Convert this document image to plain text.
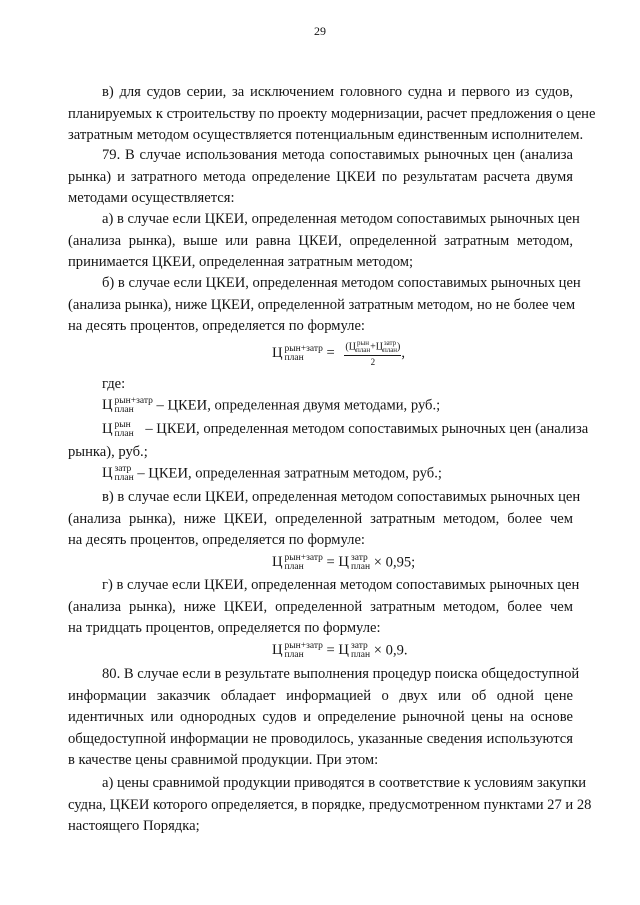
29
в) для судов серии, за исключением головного судна и первого из судов,
планируемых к строительству по проекту модернизации, расчет предложения о цене
затратным методом осуществляется потенциальным единственным исполнителем.
79. В случае использования метода сопоставимых рыночных цен (анализа
рынка) и затратного метода определение ЦКЕИ по результатам расчета двумя
методами осуществляется:
а) в случае если ЦКЕИ, определенная методом сопоставимых рыночных цен
(анализа рынка), выше или равна ЦКЕИ, определенной затратным методом,
принимается ЦКЕИ, определенная затратным методом;
б) в случае если ЦКЕИ, определенная методом сопоставимых рыночных цен
(анализа рынка), ниже ЦКЕИ, определенной затратным методом, но не более чем
на десять процентов, определяется по формуле:
Ц рын+затр
план	= (Ц рын
план +Ц затр
план )
2 ,
где:
Ц рын+затр
план	– ЦКЕИ, определенная двумя методами, руб.;
Ц рын
план – ЦКЕИ, определенная методом сопоставимых рыночных цен (анализа
рынка), руб.;
Ц затр
план – ЦКЕИ, определенная затратным методом, руб.;
в) в случае если ЦКЕИ, определенная методом сопоставимых рыночных цен
(анализа рынка), ниже ЦКЕИ, определенной затратным методом, более чем
на десять процентов, определяется по формуле:
Ц рын+затр
план	= Ц затр
план × 0,95;
г) в случае если ЦКЕИ, определенная методом сопоставимых рыночных цен
(анализа рынка), ниже ЦКЕИ, определенной затратным методом, более чем
на тридцать процентов, определяется по формуле:
Ц рын+затр
план	= Ц затр
план × 0,9.
80. В случае если в результате выполнения процедур поиска общедоступной
информации заказчик обладает информацией о двух или об одной цене
идентичных или однородных судов и определение рыночной цены на основе
общедоступной информации не проводилось, указанные сведения используются
в качестве цены сравнимой продукции. При этом:
а) цены сравнимой продукции приводятся в соответствие к условиям закупки
судна, ЦКЕИ которого определяется, в порядке, предусмотренном пунктами 27 и 28
настоящего Порядка;
